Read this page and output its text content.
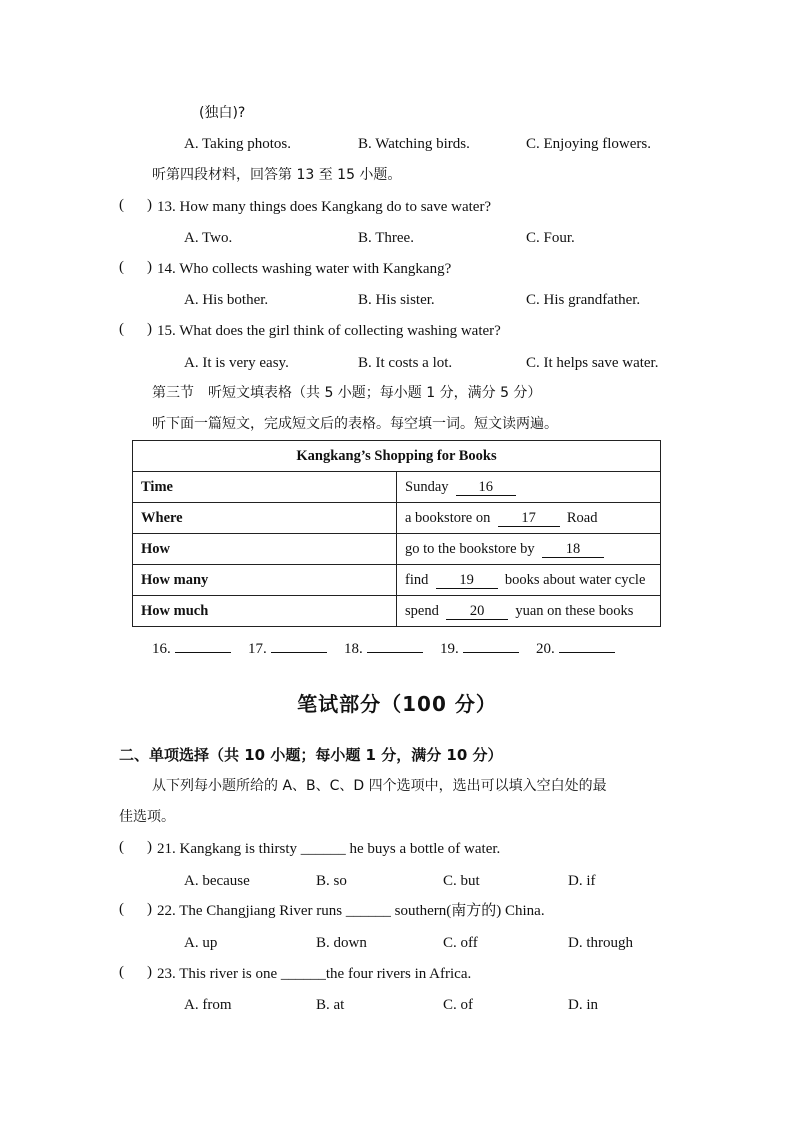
(独白)?
A. Taking photos.	B. Watching birds.	C. Enjoying flowers.
听第四段材料，回答第 13 至 15 小题。
( ) 13. How many things does Kangkang do to save water?
A. Two.	B. Three.	C. Four.
( ) 14. Who collects washing water with Kangkang?
A. His bother.	B. His sister.	C. His grandfather.
( ) 15. What does the girl think of collecting washing water?
A. It is very easy.	B. It costs a lot.	C. It helps save water.
第三节　听短文填表格（共 5 小题；每小题 1 分，满分 5 分）
听下面一篇短文，完成短文后的表格。每空填一词。短文读两遍。
Kangkang’s Shopping for Books	
Time	Sunday 16
Where	a bookstore on 17 Road
How	go to the bookstore by 18
How many	find 19 books about water cycle
How much	spend 20 yuan on these books
16.	17.	18.	19.	20.
笔试部分（100 分）
二、单项选择（共 10 小题；每小题 1 分，满分 10 分）
从下列每小题所给的 A、B、C、D 四个选项中，选出可以填入空白处的最
佳选项。
( ) 21. Kangkang is thirsty ______ he buys a bottle of water.
A. because	B. so	C. but	D. if
( ) 22. The Changjiang River runs ______ southern(南方的) China.
A. up	B. down	C. off	D. through
( ) 23. This river is one ______the four rivers in Africa.
A. from	B. at	C. of	D. in
